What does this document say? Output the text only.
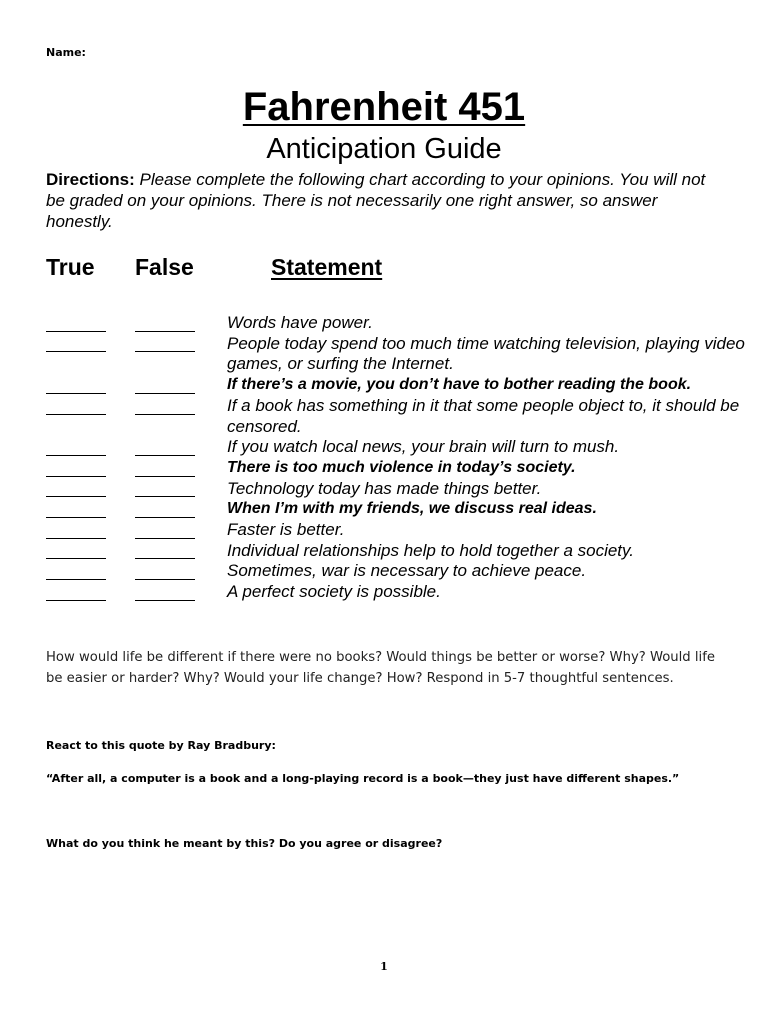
Name:
Fahrenheit 451
Anticipation Guide
Directions: Please complete the following chart according to your opinions. You will not be graded on your opinions. There is not necessarily one right answer, so answer honestly.
True False	Statement
Words have power.
People today spend too much time watching television, playing video games, or surfing the Internet.
If there’s a movie, you don’t have to bother reading the book.
If a book has something in it that some people object to, it should be censored.
If you watch local news, your brain will turn to mush.
There is too much violence in today’s society.
Technology today has made things better.
When I’m with my friends, we discuss real ideas.
Faster is better.
Individual relationships help to hold together a society.
Sometimes, war is necessary to achieve peace.
A perfect society is possible.
How would life be different if there were no books? Would things be better or worse? Why? Would life be easier or harder? Why? Would your life change? How? Respond in 5-7 thoughtful sentences.
React to this quote by Ray Bradbury:
“After all, a computer is a book and a long-playing record is a book—they just have different shapes.”
What do you think he meant by this? Do you agree or disagree?
1
